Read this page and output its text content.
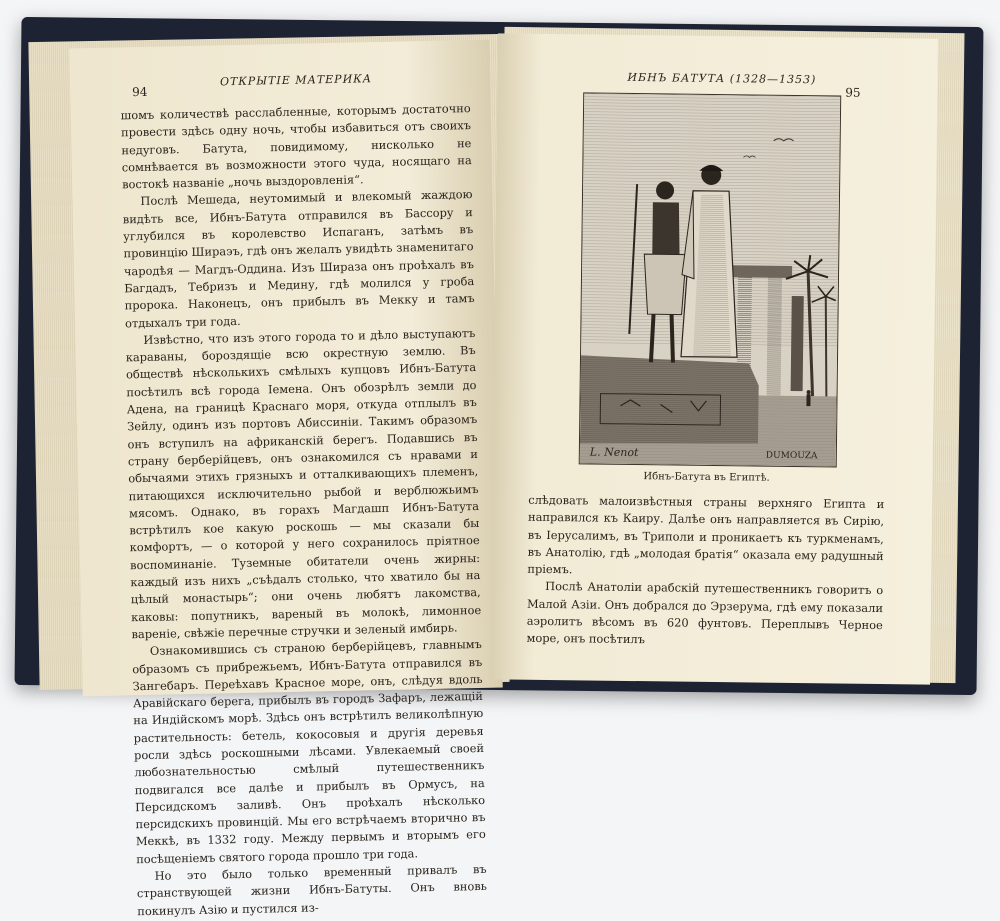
94
ОТКРЫТІЕ МАТЕРИКА

шомъ количествѣ расслабленные, которымъ достаточно провести здѣсь одну ночь, чтобы избавиться отъ своихъ недуговъ. Батута, повидимому, нисколько не сомнѣвается въ возможности этого чуда, носящаго на востокѣ названіе „ночь выздоровленія“.

Послѣ Мешеда, неутомимый и влекомый жаждою видѣть все, Ибнъ-Батута отправился въ Бассору и углубился въ королевство Испаганъ, затѣмъ въ провинцію Шираэъ, гдѣ онъ желалъ увидѣть знаменитаго чародѣя — Магдъ-Оддина. Изъ Шираза онъ проѣхалъ въ Багдадъ, Тебризъ и Медину, гдѣ молился у гроба пророка. Наконецъ, онъ прибылъ въ Мекку и тамъ отдыхалъ три года.

Извѣстно, что изъ этого города то и дѣло выступаютъ караваны, бороздящіе всю окрестную землю. Въ обществѣ нѣсколькихъ смѣлыхъ купцовъ Ибнъ-Батута посѣтилъ всѣ города Іемена. Онъ обозрѣлъ земли до Адена, на границѣ Краснаго моря, откуда отплылъ въ Зейлу, одинъ изъ портовъ Абиссиніи. Такимъ образомъ онъ вступилъ на африканскій берегъ. Подавшись въ страну берберійцевъ, онъ ознакомился съ нравами и обычаями этихъ грязныхъ и отталкивающихъ племенъ, питающихся исключительно рыбой и верблюжьимъ мясомъ. Однако, въ горахъ Магдашп Ибнъ-Батута встрѣтилъ кое какую роскошь — мы сказали бы комфортъ, — о которой у него сохранилось пріятное воспоминаніе. Туземные обитатели очень жирны: каждый изъ нихъ „съѣдалъ столько, что хватило бы на цѣлый монастырь“; они очень любятъ лакомства, каковы: попутникъ, вареный въ молокѣ, лимонное вареніе, свѣжіе перечные стручки и зеленый имбирь.

Ознакомившись съ страною берберійцевъ, главнымъ образомъ съ прибрежьемъ, Ибнъ-Батута отправился въ Зангебаръ. Переѣхавъ Красное море, онъ, слѣдуя вдоль Аравійскаго берега, прибылъ въ городъ Зафаръ, лежащій на Индійскомъ морѣ. Здѣсь онъ встрѣтилъ великолѣпную растительность: бетель, кокосовыя и другія деревья росли здѣсь роскошными лѣсами. Увлекаемый своей любознательностью смѣлый путешественникъ подвигался все далѣе и прибылъ въ Ормусъ, на Персидскомъ заливѣ. Онъ проѣхалъ нѣсколько персидскихъ провинцій. Мы его встрѣчаемъ вторично въ Меккѣ, въ 1332 году. Между первымъ и вторымъ его посѣщеніемъ святого города прошло три года.

Но это было только временный привалъ въ странствующей жизни Ибнъ-Батуты. Онъ вновь покинулъ Азію и пустился из-

ИБНЪ БАТУТА (1328—1353)
95
L. Nenot	DUMOUZA
Ибнъ-Батута въ Египтѣ.

слѣдовать малоизвѣстныя страны верхняго Египта и направился къ Каиру. Далѣе онъ направляется въ Сирію, въ Іерусалимъ, въ Триполи и проникаетъ къ туркменамъ, въ Анатолію, гдѣ „молодая братія“ оказала ему радушный пріемъ.

Послѣ Анатоліи арабскій путешественникъ говоритъ о Малой Азіи. Онъ добрался до Эрзерума, гдѣ ему показали аэролитъ вѣсомъ въ 620 фунтовъ. Переплывъ Черное море, онъ посѣтилъ
